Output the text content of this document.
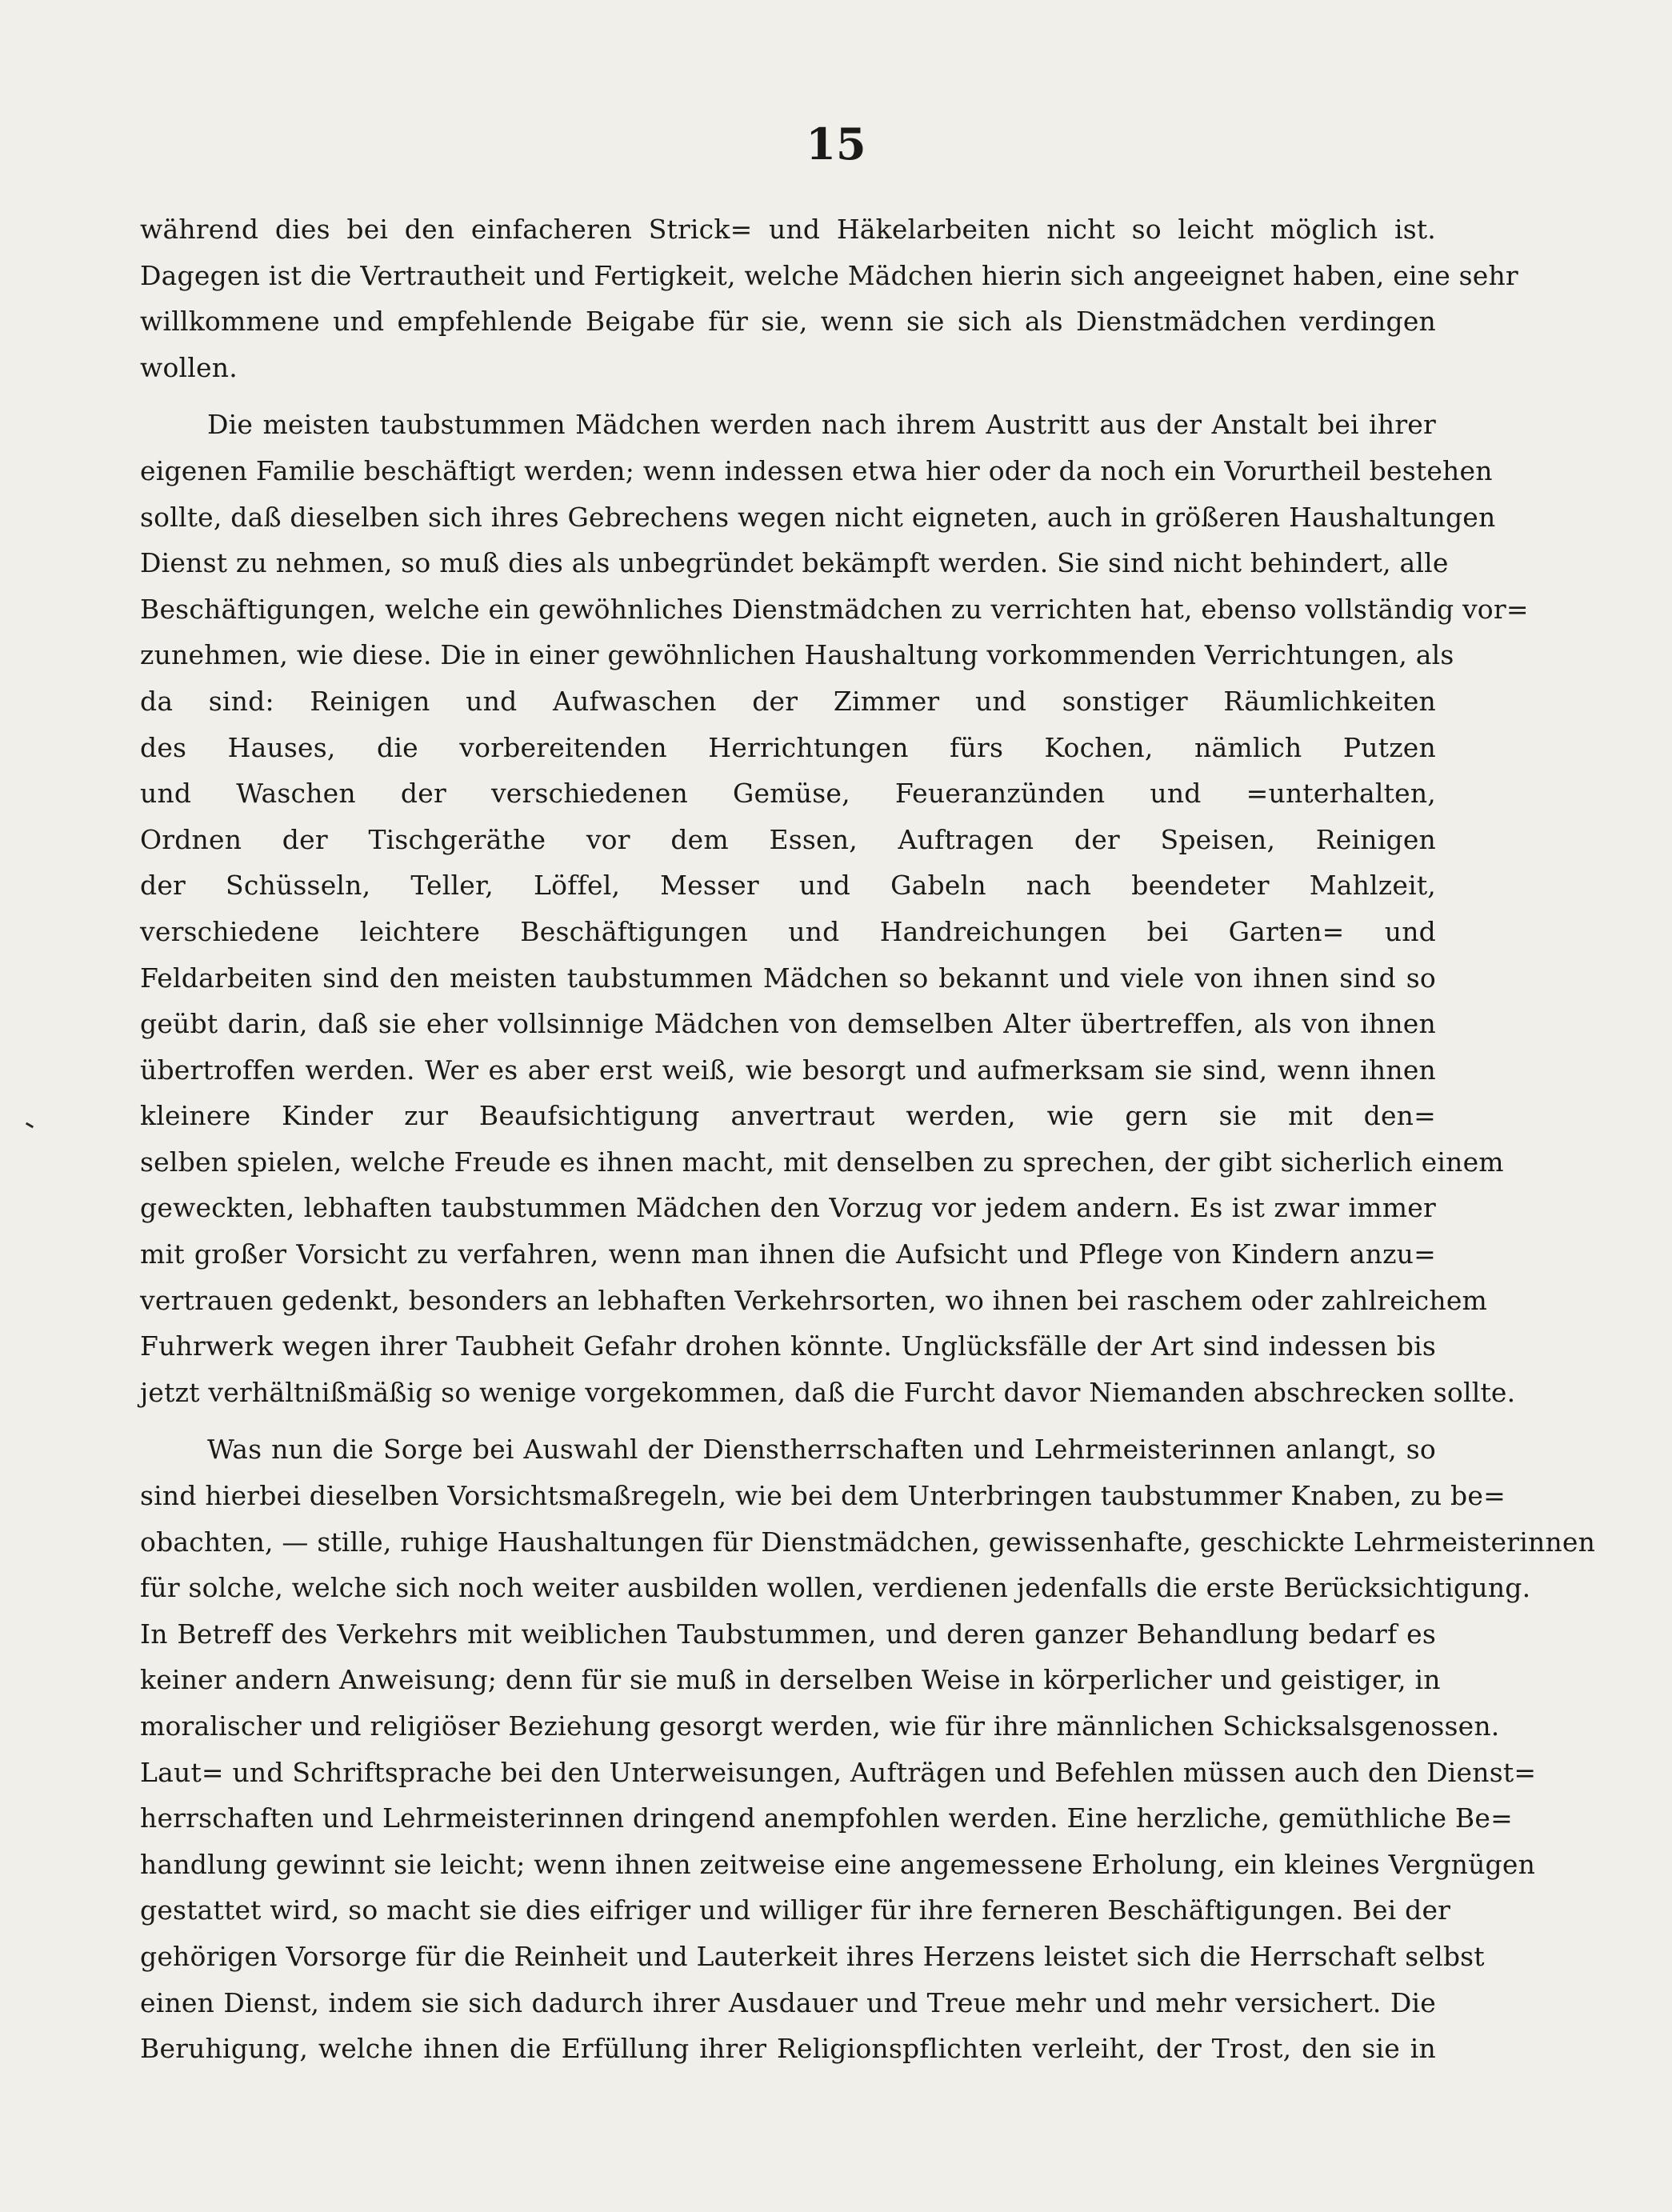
15
während dies bei den einfacheren Strick= und Häkelarbeiten nicht so leicht möglich ist.
Dagegen ist die Vertrautheit und Fertigkeit, welche Mädchen hierin sich angeeignet haben, eine sehr
willkommene und empfehlende Beigabe für sie, wenn sie sich als Dienstmädchen verdingen
wollen.
Die meisten taubstummen Mädchen werden nach ihrem Austritt aus der Anstalt bei ihrer
eigenen Familie beschäftigt werden; wenn indessen etwa hier oder da noch ein Vorurtheil bestehen
sollte, daß dieselben sich ihres Gebrechens wegen nicht eigneten, auch in größeren Haushaltungen
Dienst zu nehmen, so muß dies als unbegründet bekämpft werden. Sie sind nicht behindert, alle
Beschäftigungen, welche ein gewöhnliches Dienstmädchen zu verrichten hat, ebenso vollständig vor=
zunehmen, wie diese. Die in einer gewöhnlichen Haushaltung vorkommenden Verrichtungen, als
da sind: Reinigen und Aufwaschen der Zimmer und sonstiger Räumlichkeiten
des Hauses, die vorbereitenden Herrichtungen fürs Kochen, nämlich Putzen
und Waschen der verschiedenen Gemüse, Feueranzünden und =unterhalten,
Ordnen der Tischgeräthe vor dem Essen, Auftragen der Speisen, Reinigen
der Schüsseln, Teller, Löffel, Messer und Gabeln nach beendeter Mahlzeit,
verschiedene leichtere Beschäftigungen und Handreichungen bei Garten= und
Feldarbeiten sind den meisten taubstummen Mädchen so bekannt und viele von ihnen sind so
geübt darin, daß sie eher vollsinnige Mädchen von demselben Alter übertreffen, als von ihnen
übertroffen werden. Wer es aber erst weiß, wie besorgt und aufmerksam sie sind, wenn ihnen
kleinere Kinder zur Beaufsichtigung anvertraut werden, wie gern sie mit den=
selben spielen, welche Freude es ihnen macht, mit denselben zu sprechen, der gibt sicherlich einem
geweckten, lebhaften taubstummen Mädchen den Vorzug vor jedem andern. Es ist zwar immer
mit großer Vorsicht zu verfahren, wenn man ihnen die Aufsicht und Pflege von Kindern anzu=
vertrauen gedenkt, besonders an lebhaften Verkehrsorten, wo ihnen bei raschem oder zahlreichem
Fuhrwerk wegen ihrer Taubheit Gefahr drohen könnte. Unglücksfälle der Art sind indessen bis
jetzt verhältnißmäßig so wenige vorgekommen, daß die Furcht davor Niemanden abschrecken sollte.
Was nun die Sorge bei Auswahl der Dienstherrschaften und Lehrmeisterinnen anlangt, so
sind hierbei dieselben Vorsichtsmaßregeln, wie bei dem Unterbringen taubstummer Knaben, zu be=
obachten, — stille, ruhige Haushaltungen für Dienstmädchen, gewissenhafte, geschickte Lehrmeisterinnen
für solche, welche sich noch weiter ausbilden wollen, verdienen jedenfalls die erste Berücksichtigung.
In Betreff des Verkehrs mit weiblichen Taubstummen, und deren ganzer Behandlung bedarf es
keiner andern Anweisung; denn für sie muß in derselben Weise in körperlicher und geistiger, in
moralischer und religiöser Beziehung gesorgt werden, wie für ihre männlichen Schicksalsgenossen.
Laut= und Schriftsprache bei den Unterweisungen, Aufträgen und Befehlen müssen auch den Dienst=
herrschaften und Lehrmeisterinnen dringend anempfohlen werden. Eine herzliche, gemüthliche Be=
handlung gewinnt sie leicht; wenn ihnen zeitweise eine angemessene Erholung, ein kleines Vergnügen
gestattet wird, so macht sie dies eifriger und williger für ihre ferneren Beschäftigungen. Bei der
gehörigen Vorsorge für die Reinheit und Lauterkeit ihres Herzens leistet sich die Herrschaft selbst
einen Dienst, indem sie sich dadurch ihrer Ausdauer und Treue mehr und mehr versichert. Die
Beruhigung, welche ihnen die Erfüllung ihrer Religionspflichten verleiht, der Trost, den sie in
